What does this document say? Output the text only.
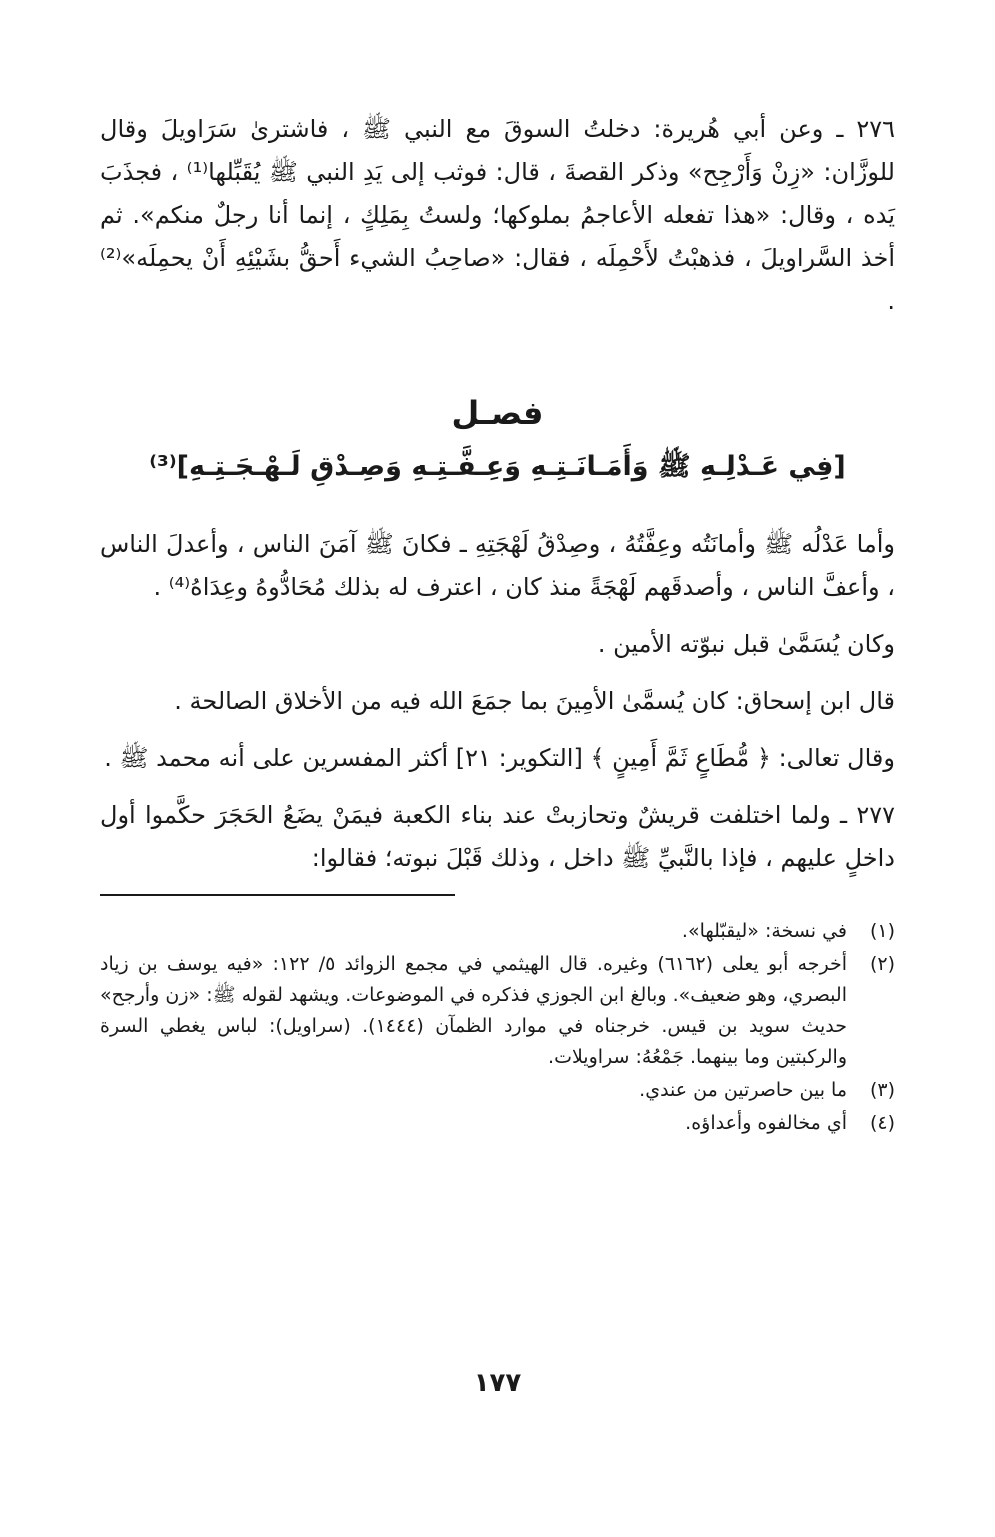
٢٧٦ ـ وعن أبي هُريرة: دخلتُ السوقَ مع النبي ﷺ ، فاشترىٰ سَرَاويلَ وقال للوزَّان: «زِنْ وَأَرْجِح» وذكر القصةَ ، قال: فوثب إلى يَدِ النبي ﷺ يُقَبِّلها⁽¹⁾ ، فجذَبَ يَده ، وقال: «هذا تفعله الأعاجمُ بملوكها؛ ولستُ بِمَلِكٍ ، إنما أنا رجلٌ منكم». ثم أخذ السَّراويلَ ، فذهبْتُ لأَحْمِلَه ، فقال: «صاحِبُ الشيء أَحقُّ بشَيْئِهِ أَنْ يحمِلَه»⁽²⁾ .

فصـل
[فِي عَـدْلِـهِ ﷺ وَأَمَـانَـتِـهِ وَعِـفَّـتِـهِ وَصِـدْقِ لَـهْـجَـتِـهِ]⁽³⁾

وأما عَدْلُه ﷺ وأمانَتُه وعِفَّتُهُ ، وصِدْقُ لَهْجَتِهِ ـ فكانَ ﷺ آمَنَ الناس ، وأعدلَ الناس ، وأعفَّ الناس ، وأصدقَهم لَهْجَةً منذ كان ، اعترف له بذلك مُحَادُّوهُ وعِدَاهُ⁽⁴⁾ .

وكان يُسَمَّىٰ قبل نبوّته الأمين .

قال ابن إسحاق: كان يُسمَّىٰ الأمِينَ بما جمَعَ الله فيه من الأخلاق الصالحة .

وقال تعالى: ﴿ مُّطَاعٍ ثَمَّ أَمِينٍ ﴾ [التكوير: ٢١] أكثر المفسرين على أنه محمد ﷺ .

٢٧٧ ـ ولما اختلفت قريشٌ وتحازبتْ عند بناء الكعبة فيمَنْ يضَعُ الحَجَرَ حكَّموا أول داخلٍ عليهم ، فإذا بالنَّبيِّ ﷺ داخل ، وذلك قَبْلَ نبوته؛ فقالوا:

(١)
في نسخة: «ليقبّلها».
(٢)
أخرجه أبو يعلى (٦١٦٢) وغيره. قال الهيثمي في مجمع الزوائد ٥/ ١٢٢: «فيه يوسف بن زياد البصري، وهو ضعيف». وبالغ ابن الجوزي فذكره في الموضوعات. ويشهد لقوله ﷺ: «زن وأرجح» حديث سويد بن قيس. خرجناه في موارد الظمآن (١٤٤٤). (سراويل): لباس يغطي السرة والركبتين وما بينهما. جَمْعُهُ: سراويلات.
(٣)
ما بين حاصرتين من عندي.
(٤)
أي مخالفوه وأعداؤه.
١٧٧
